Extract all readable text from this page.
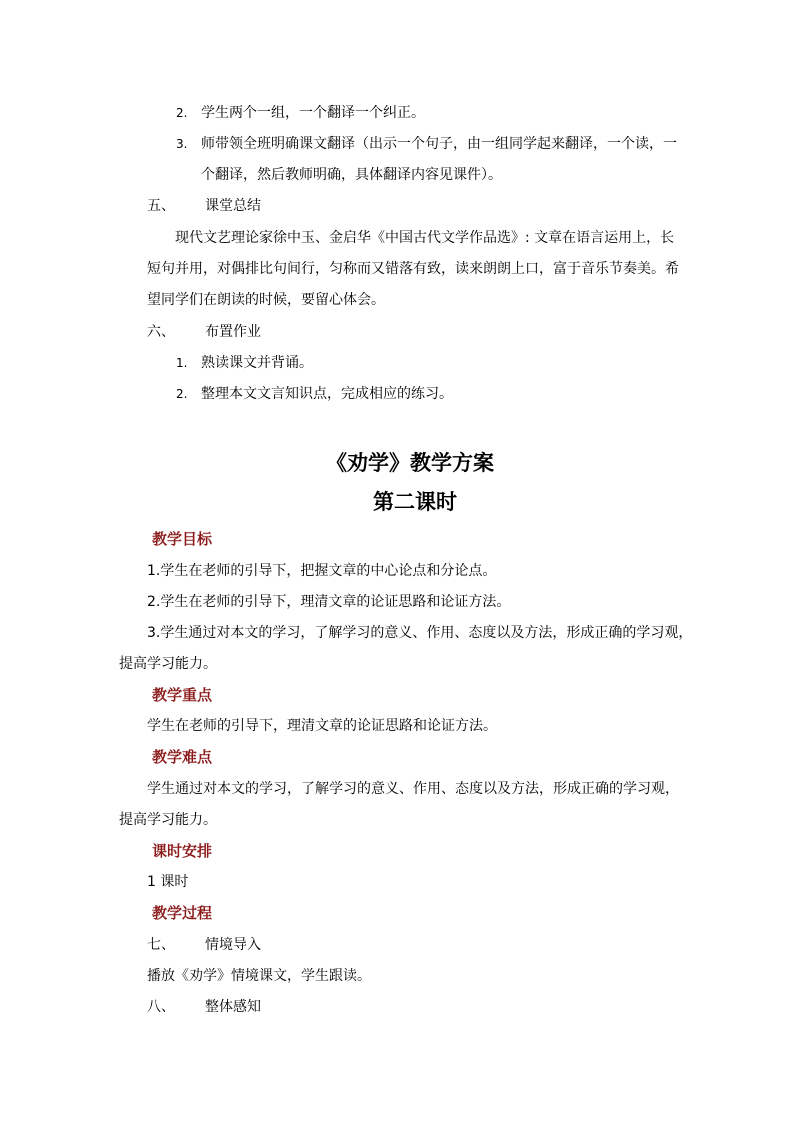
2. 学生两个一组，一个翻译一个纠正。
3. 师带领全班明确课文翻译（出示一个句子，由一组同学起来翻译，一个读，一
个翻译，然后教师明确，具体翻译内容见课件）。
五、 课堂总结
现代文艺理论家徐中玉、金启华《中国古代文学作品选》: 文章在语言运用上，长
短句并用，对偶排比句间行，匀称而又错落有致，读来朗朗上口，富于音乐节奏美。希
望同学们在朗读的时候，要留心体会。
六、 布置作业
1. 熟读课文并背诵。
2. 整理本文文言知识点，完成相应的练习。
《劝学》教学方案
第二课时
教学目标
1.学生在老师的引导下，把握文章的中心论点和分论点。
2.学生在老师的引导下，理清文章的论证思路和论证方法。
3.学生通过对本文的学习，了解学习的意义、作用、态度以及方法，形成正确的学习观，
提高学习能力。
教学重点
学生在老师的引导下，理清文章的论证思路和论证方法。
教学难点
学生通过对本文的学习，了解学习的意义、作用、态度以及方法，形成正确的学习观，
提高学习能力。
课时安排
1 课时
教学过程
七、 情境导入
播放《劝学》情境课文，学生跟读。
八、 整体感知
